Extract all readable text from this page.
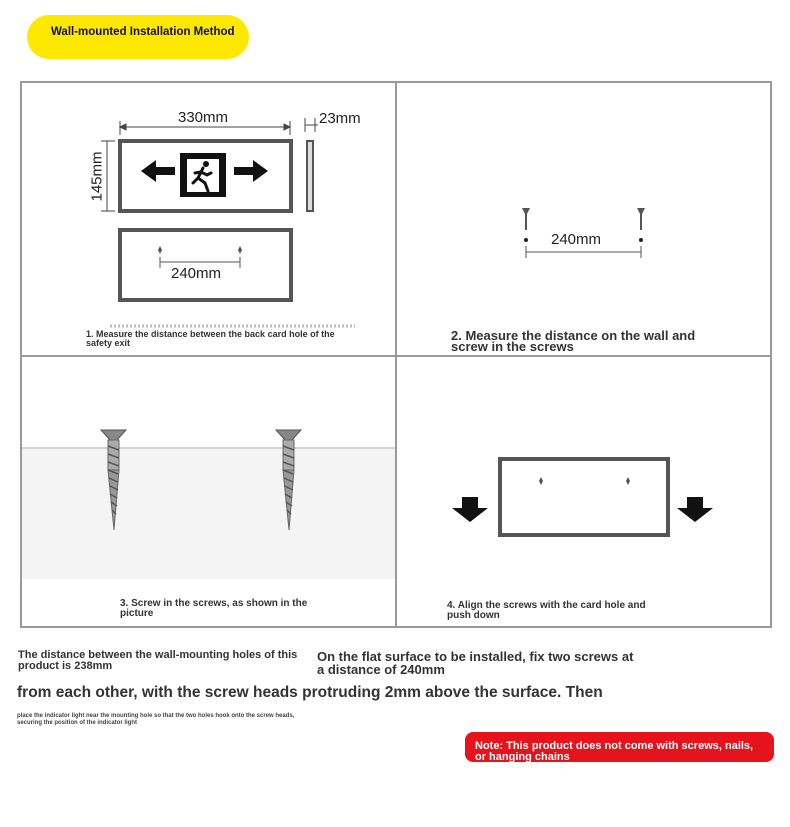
Wall-mounted Installation Method
330mm	23mm
145mm
240mm
240mm
1. Measure the distance between the back card hole of the safety exit	2. Measure the distance on the wall and screw in the screws
3. Screw in the screws, as shown in the picture
4. Align the screws with the card hole and push down
The distance between the wall-mounting holes of this product is 238mm
On the flat surface to be installed, fix two screws at a distance of 240mm
from each other, with the screw heads protruding 2mm above the surface. Then
place the indicator light near the mounting hole so that the two holes hook onto the screw heads, securing the position of the indicator light
Note: This product does not come with screws, nails, or hanging chains
